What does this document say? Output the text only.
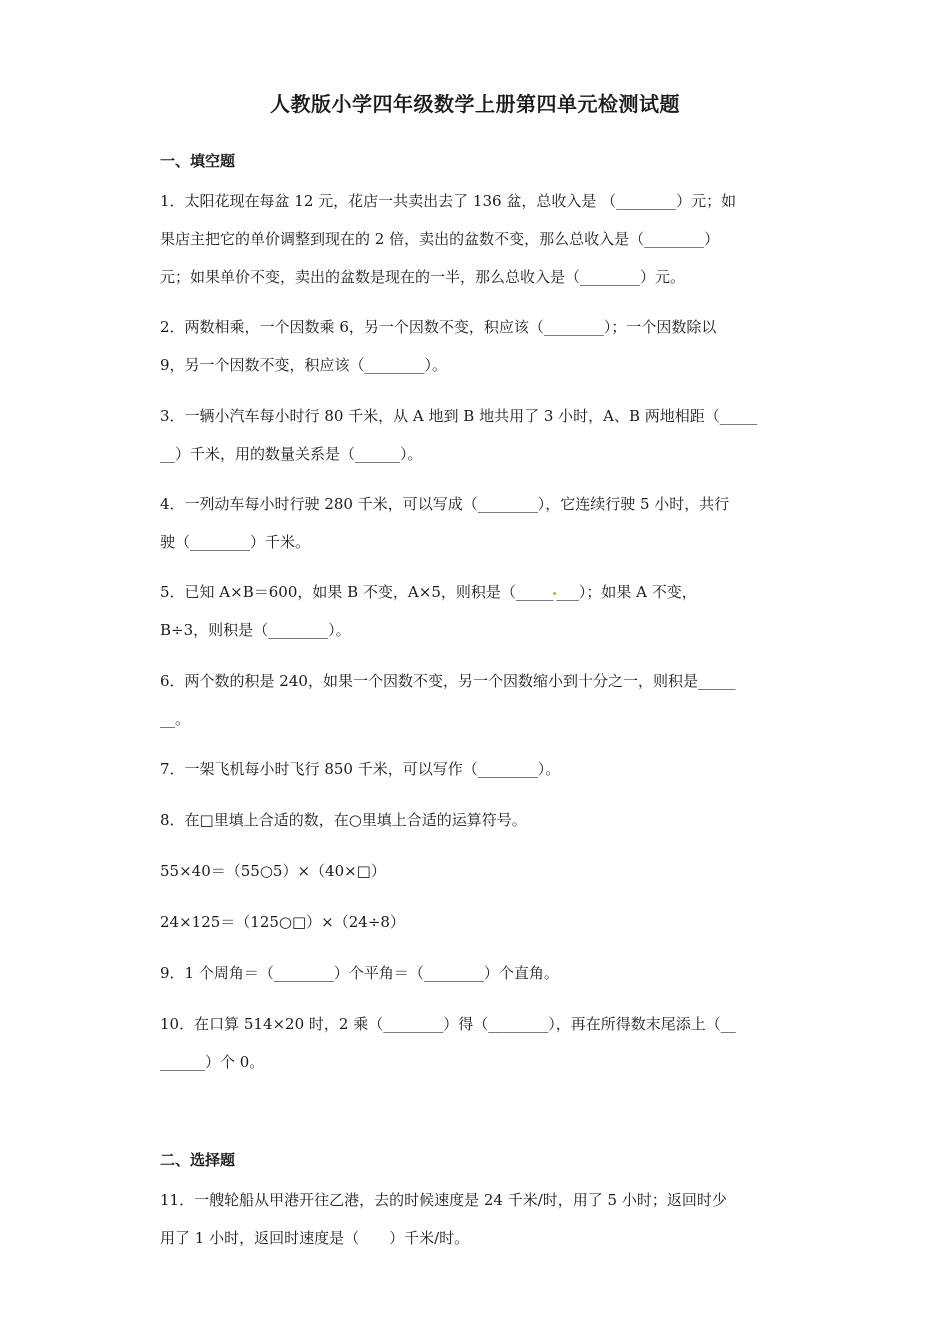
人教版小学四年级数学上册第四单元检测试题
一、填空题
1．太阳花现在每盆 12 元，花店一共卖出去了 136 盆，总收入是 （________）元；如
果店主把它的单价调整到现在的 2 倍，卖出的盆数不变，那么总收入是（________）
元；如果单价不变，卖出的盆数是现在的一半，那么总收入是（________）元。
2．两数相乘，一个因数乘 6，另一个因数不变，积应该（________）；一个因数除以
9，另一个因数不变，积应该（________）。
3．一辆小汽车每小时行 80 千米，从 A 地到 B 地共用了 3 小时，A、B 两地相距（_____
__）千米，用的数量关系是（______）。
4．一列动车每小时行驶 280 千米，可以写成（________），它连续行驶 5 小时，共行
驶（________）千米。
5．已知 A×B＝600，如果 B 不变，A×5，则积是（_____ ___）；如果 A 不变，
B÷3，则积是（________）。
6．两个数的积是 240，如果一个因数不变，另一个因数缩小到十分之一，则积是_____
__。
7．一架飞机每小时飞行 850 千米，可以写作（________）。
8．在□里填上合适的数，在○里填上合适的运算符号。
55×40＝（55○5）×（40×□）
24×125＝（125○□）×（24÷8）
9．1 个周角＝（________）个平角＝（________）个直角。
10．在口算 514×20 时，2 乘（________）得（________），再在所得数末尾添上（__
______）个 0。
二、选择题
11．一艘轮船从甲港开往乙港，去的时候速度是 24 千米/时，用了 5 小时；返回时少
用了 1 小时，返回时速度是（　　）千米/时。
